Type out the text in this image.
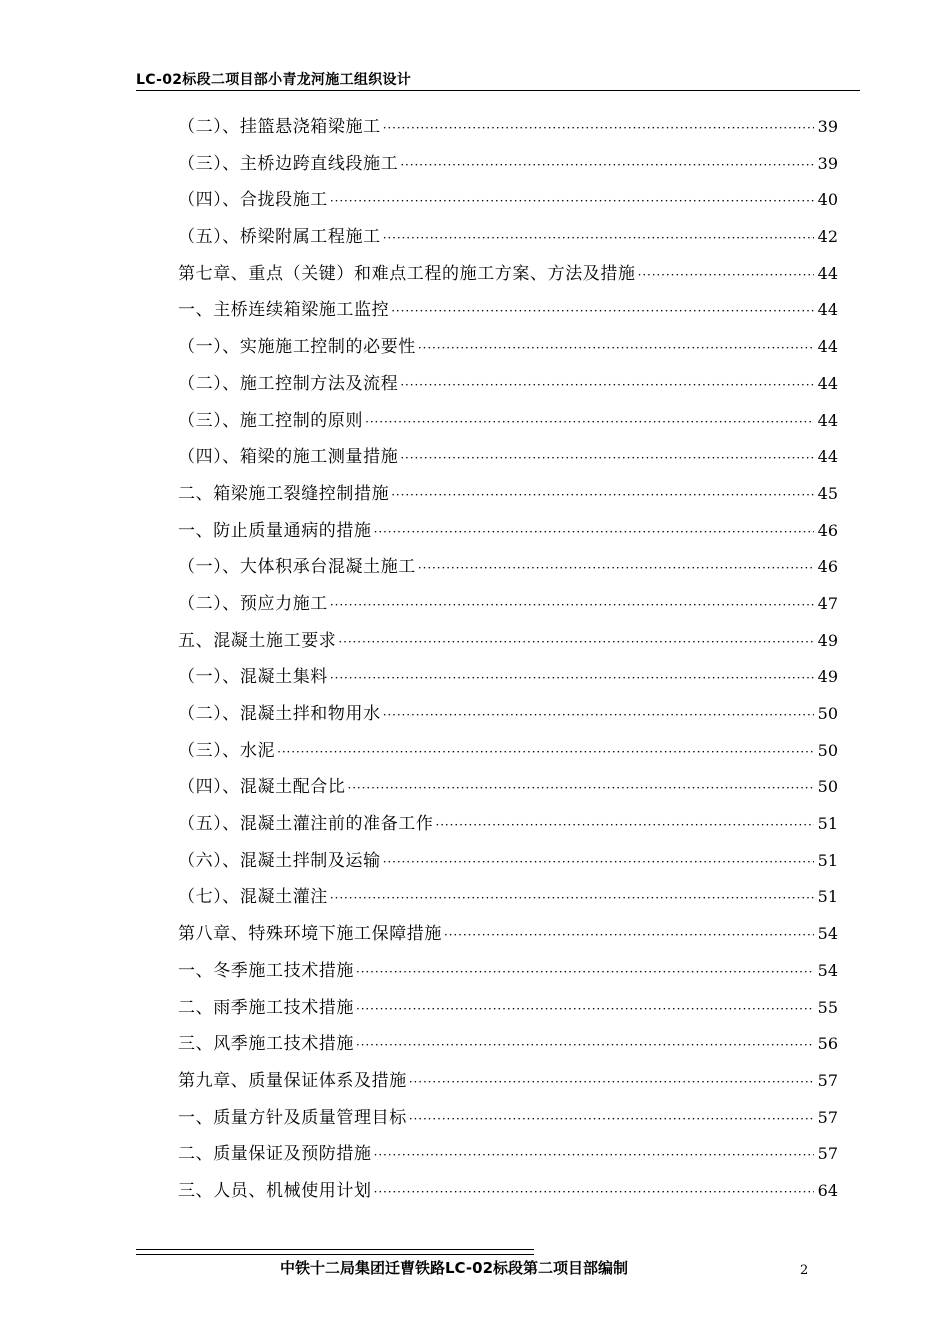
LC-02标段二项目部小青龙河施工组织设计
（二）、挂篮悬浇箱梁施工 ·····	39
（三）、主桥边跨直线段施工 ·····	39
（四）、合拢段施工 ·····	40
（五）、桥梁附属工程施工 ·····	42
第七章、重点（关键）和难点工程的施工方案、方法及措施 ·····	44
一、主桥连续箱梁施工监控 ·····	44
（一）、实施施工控制的必要性 ·····	44
（二）、施工控制方法及流程 ·····	44
（三）、施工控制的原则 ·····	44
（四）、箱梁的施工测量措施 ·····	44
二、箱梁施工裂缝控制措施 ·····	45
一、防止质量通病的措施 ·····	46
（一）、大体积承台混凝土施工 ·····	46
（二）、预应力施工 ·····	47
五、混凝土施工要求 ·····	49
（一）、混凝土集料 ·····	49
（二）、混凝土拌和物用水 ·····	50
（三）、水泥 ·····	50
（四）、混凝土配合比 ·····	50
（五）、混凝土灌注前的准备工作 ·····	51
（六）、混凝土拌制及运输 ·····	51
（七）、混凝土灌注 ·····	51
第八章、特殊环境下施工保障措施 ·····	54
一、冬季施工技术措施 ·····	54
二、雨季施工技术措施 ·····	55
三、风季施工技术措施 ·····	56
第九章、质量保证体系及措施 ·····	57
一、质量方针及质量管理目标 ·····	57
二、质量保证及预防措施 ·····	57
三、人员、机械使用计划 ·····	64
中铁十二局集团迁曹铁路LC-02标段第二项目部编制	2
